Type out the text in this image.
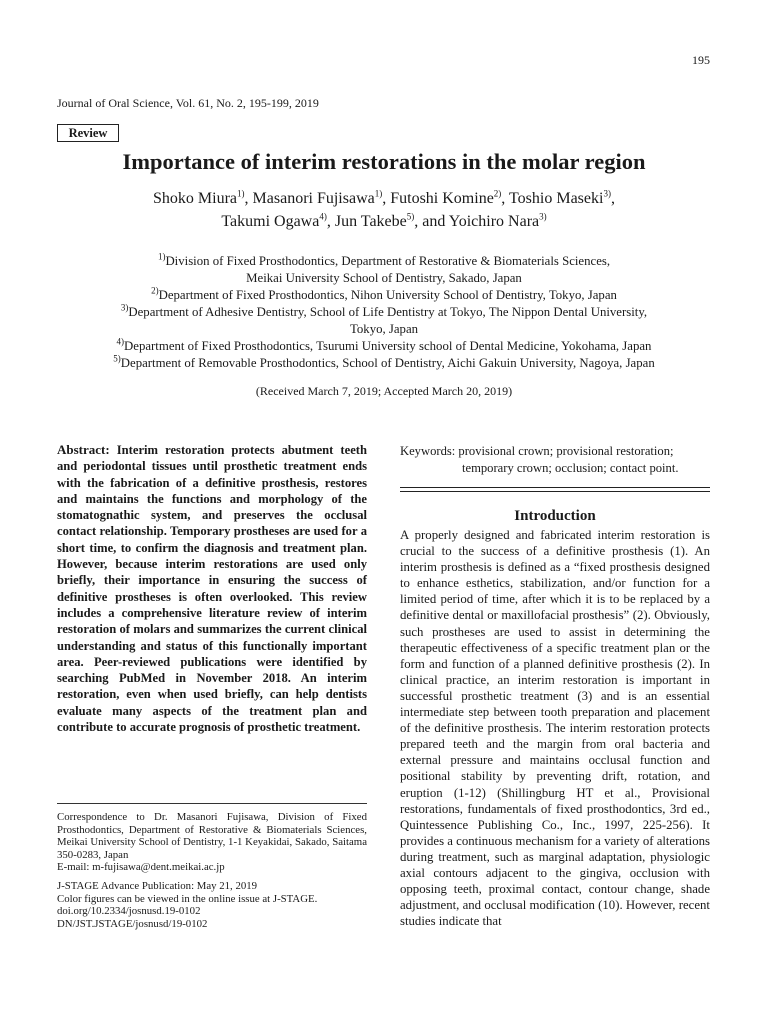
195
Journal of Oral Science, Vol. 61, No. 2, 195-199, 2019
Review
Importance of interim restorations in the molar region
Shoko Miura$^{1)}$, Masanori Fujisawa$^{1)}$, Futoshi Komine$^{2)}$, Toshio Maseki$^{3)}$,
Takumi Ogawa$^{4)}$, Jun Takebe$^{5)}$, and Yoichiro Nara$^{3)}$
$^{1)}$Division of Fixed Prosthodontics, Department of Restorative & Biomaterials Sciences,
Meikai University School of Dentistry, Sakado, Japan
$^{2)}$Department of Fixed Prosthodontics, Nihon University School of Dentistry, Tokyo, Japan
$^{3)}$Department of Adhesive Dentistry, School of Life Dentistry at Tokyo, The Nippon Dental University,
Tokyo, Japan
$^{4)}$Department of Fixed Prosthodontics, Tsurumi University school of Dental Medicine, Yokohama, Japan
$^{5)}$Department of Removable Prosthodontics, School of Dentistry, Aichi Gakuin University, Nagoya, Japan
(Received March 7, 2019; Accepted March 20, 2019)
Abstract: Interim restoration protects abutment teeth and periodontal tissues until prosthetic treatment ends with the fabrication of a definitive prosthesis, restores and maintains the functions and morphology of the stomatognathic system, and preserves the occlusal contact relationship. Temporary prostheses are used for a short time, to confirm the diagnosis and treatment plan. However, because interim restorations are used only briefly, their importance in ensuring the success of definitive prostheses is often overlooked. This review includes a comprehensive literature review of interim restoration of molars and summarizes the current clinical understanding and status of this functionally important area. Peer-reviewed publications were identified by searching PubMed in November 2018. An interim restoration, even when used briefly, can help dentists evaluate many aspects of the treatment plan and contribute to accurate prognosis of prosthetic treatment.
Correspondence to Dr. Masanori Fujisawa, Division of Fixed Prosthodontics, Department of Restorative & Biomaterials Sciences, Meikai University School of Dentistry, 1-1 Keyakidai, Sakado, Saitama 350-0283, Japan
E-mail: m-fujisawa@dent.meikai.ac.jp
J-STAGE Advance Publication: May 21, 2019
Color figures can be viewed in the online issue at J-STAGE.
doi.org/10.2334/josnusd.19-0102
DN/JST.JSTAGE/josnusd/19-0102
Keywords: provisional crown; provisional restoration;
temporary crown; occlusion; contact point.
Introduction

A properly designed and fabricated interim restoration is crucial to the success of a definitive prosthesis (1). An interim prosthesis is defined as a “fixed prosthesis designed to enhance esthetics, stabilization, and/or function for a limited period of time, after which it is to be replaced by a definitive dental or maxillofacial prosthesis” (2). Obviously, such prostheses are used to assist in determining the therapeutic effectiveness of a specific treatment plan or the form and function of a planned definitive prosthesis (2). In clinical practice, an interim restoration is important in successful prosthetic treatment (3) and is an essential intermediate step between tooth preparation and placement of the definitive prosthesis. The interim restoration protects prepared teeth and the margin from oral bacteria and external pressure and maintains occlusal function and positional stability by preventing drift, rotation, and eruption (1-12) (Shillingburg HT et al., Provisional restorations, fundamentals of fixed prosthodontics, 3rd ed., Quintessence Publishing Co., Inc., 1997, 225-256). It provides a continuous mechanism for a variety of alterations during treatment, such as marginal adaptation, physiologic axial contours adjacent to the gingiva, occlusion with opposing teeth, proximal contact, contour change, shade adjustment, and occlusal modification (10). However, recent studies indicate that
